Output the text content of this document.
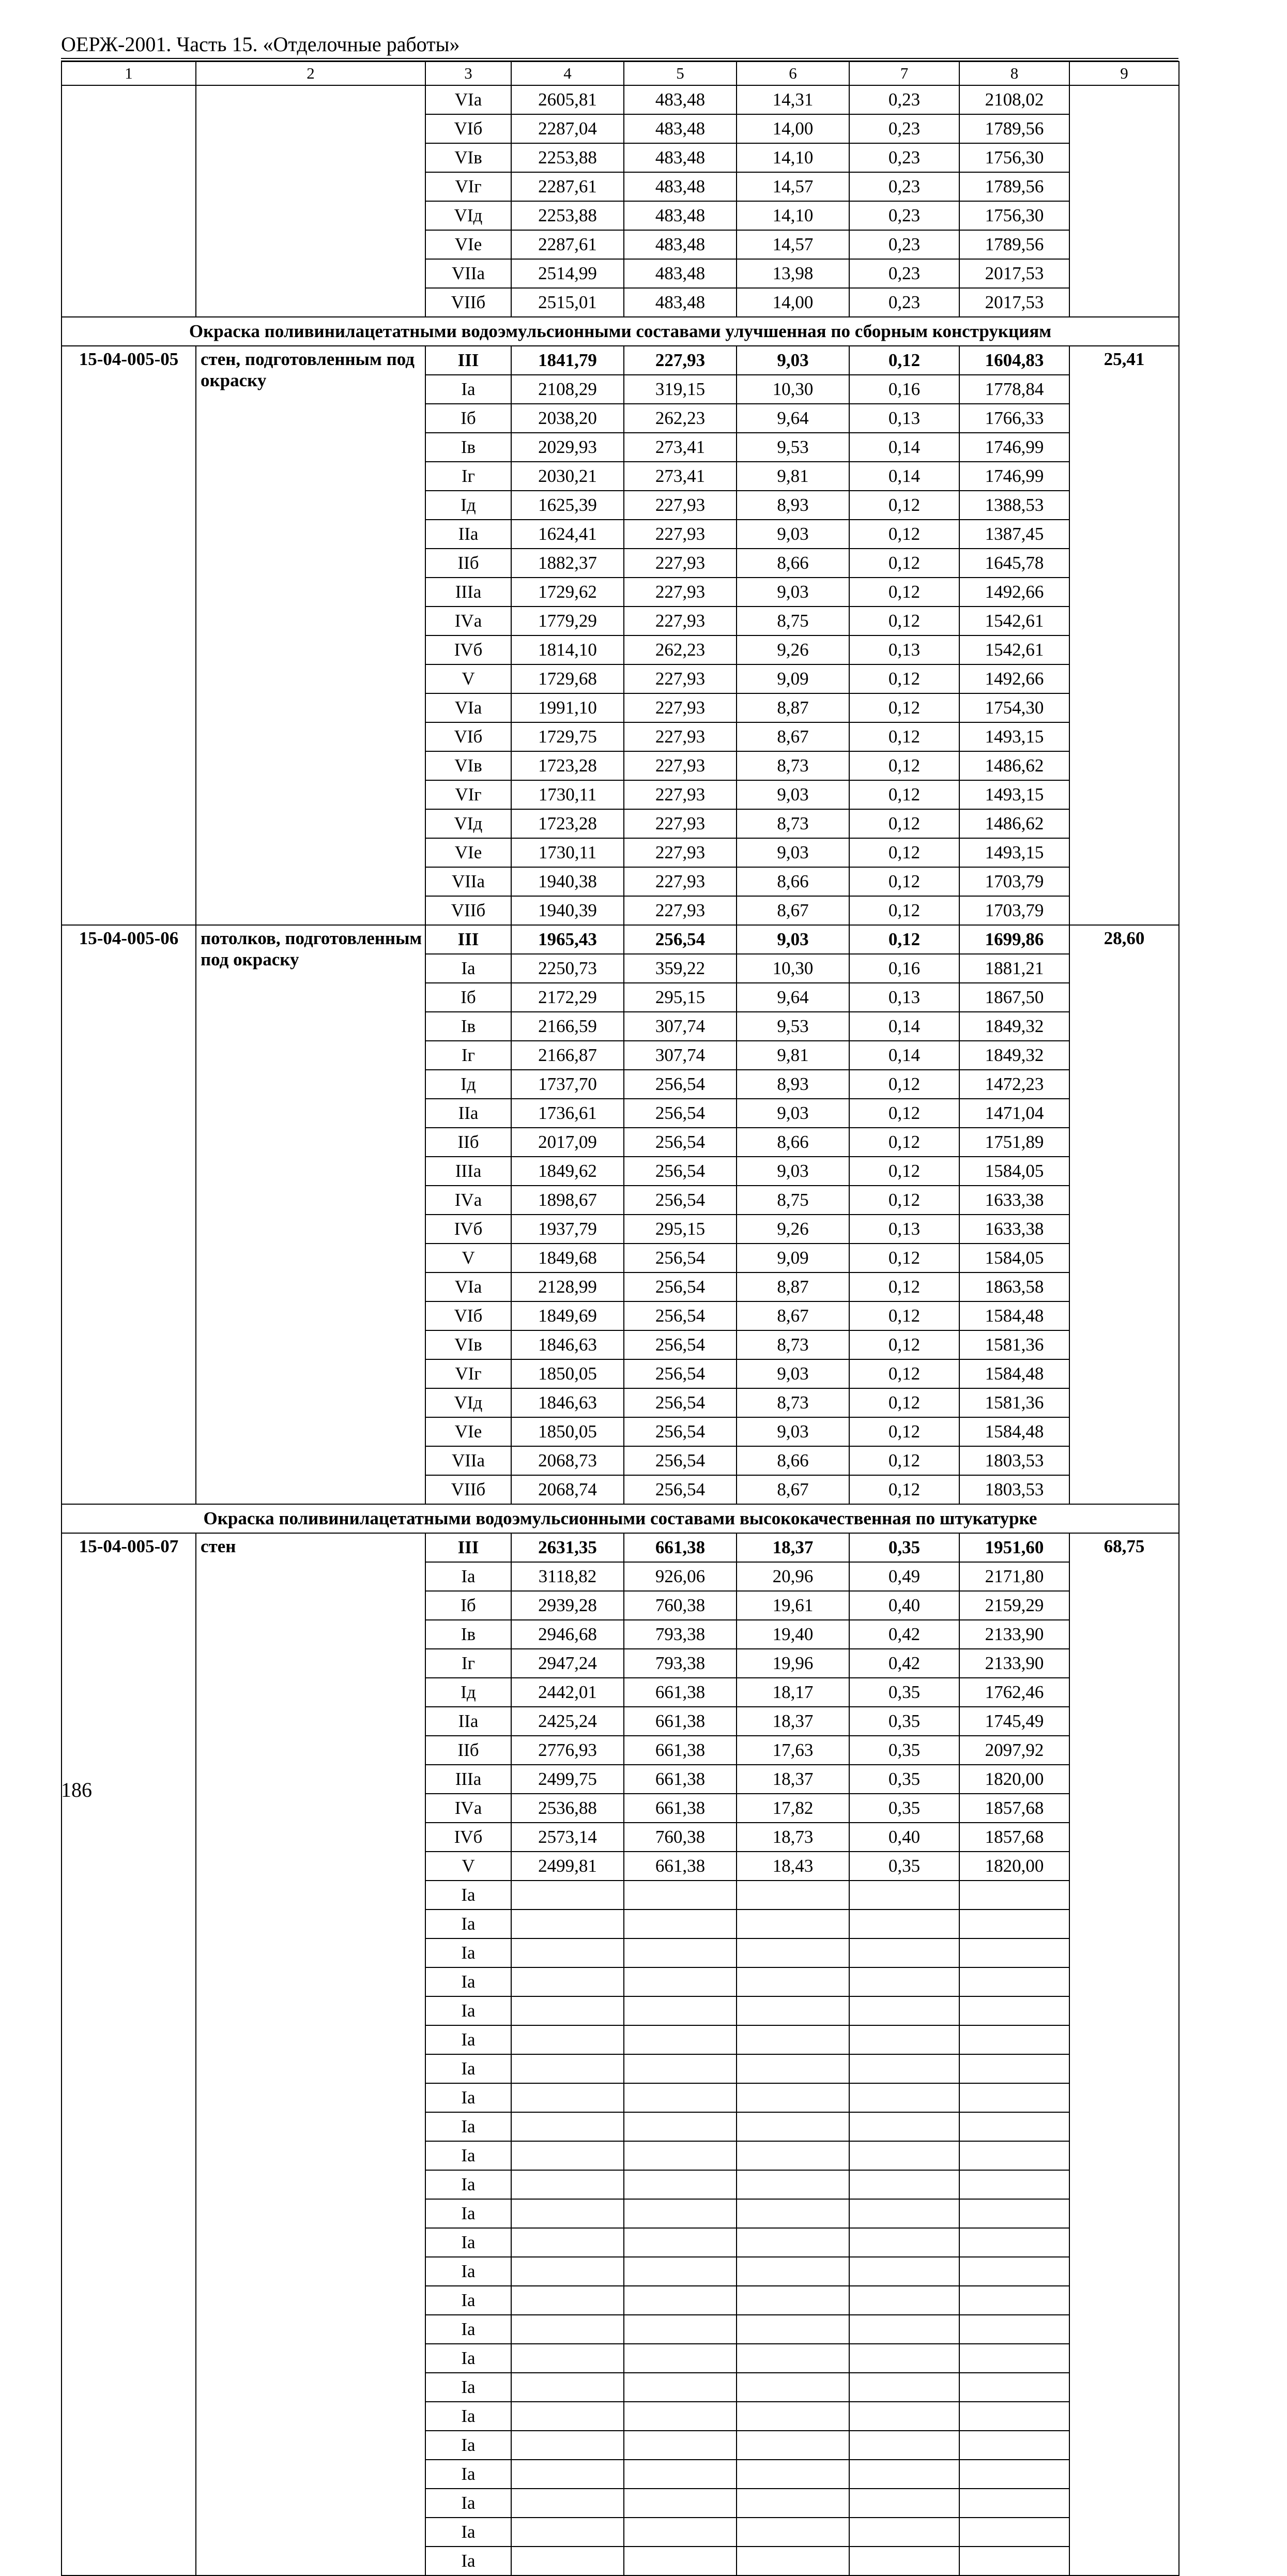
ОЕРЖ-2001. Часть 15. «Отделочные работы»
1	2	3	4	5	6	7	8	9
		VIа	2605,81	483,48	14,31	0,23	2108,02	
		VIб	2287,04	483,48	14,00	0,23	1789,56	
		VIв	2253,88	483,48	14,10	0,23	1756,30	
		VIг	2287,61	483,48	14,57	0,23	1789,56	
		VIд	2253,88	483,48	14,10	0,23	1756,30	
		VIе	2287,61	483,48	14,57	0,23	1789,56	
		VIIа	2514,99	483,48	13,98	0,23	2017,53	
		VIIб	2515,01	483,48	14,00	0,23	2017,53	
Окраска поливинилацетатными водоэмульсионными составами улучшенная по сборным конструкциям								
15-04-005-05	стен, подготовленным под окраску	III	1841,79	227,93	9,03	0,12	1604,83	25,41
		Iа	2108,29	319,15	10,30	0,16	1778,84	
		Iб	2038,20	262,23	9,64	0,13	1766,33	
		Iв	2029,93	273,41	9,53	0,14	1746,99	
		Iг	2030,21	273,41	9,81	0,14	1746,99	
		Iд	1625,39	227,93	8,93	0,12	1388,53	
		IIа	1624,41	227,93	9,03	0,12	1387,45	
		IIб	1882,37	227,93	8,66	0,12	1645,78	
		IIIа	1729,62	227,93	9,03	0,12	1492,66	
		IVа	1779,29	227,93	8,75	0,12	1542,61	
		IVб	1814,10	262,23	9,26	0,13	1542,61	
		V	1729,68	227,93	9,09	0,12	1492,66	
		VIа	1991,10	227,93	8,87	0,12	1754,30	
		VIб	1729,75	227,93	8,67	0,12	1493,15	
		VIв	1723,28	227,93	8,73	0,12	1486,62	
		VIг	1730,11	227,93	9,03	0,12	1493,15	
		VIд	1723,28	227,93	8,73	0,12	1486,62	
		VIе	1730,11	227,93	9,03	0,12	1493,15	
		VIIа	1940,38	227,93	8,66	0,12	1703,79	
		VIIб	1940,39	227,93	8,67	0,12	1703,79	
15-04-005-06	потолков, подготовленным под окраску	III	1965,43	256,54	9,03	0,12	1699,86	28,60
		Iа	2250,73	359,22	10,30	0,16	1881,21	
		Iб	2172,29	295,15	9,64	0,13	1867,50	
		Iв	2166,59	307,74	9,53	0,14	1849,32	
		Iг	2166,87	307,74	9,81	0,14	1849,32	
		Iд	1737,70	256,54	8,93	0,12	1472,23	
		IIа	1736,61	256,54	9,03	0,12	1471,04	
		IIб	2017,09	256,54	8,66	0,12	1751,89	
		IIIа	1849,62	256,54	9,03	0,12	1584,05	
		IVа	1898,67	256,54	8,75	0,12	1633,38	
		IVб	1937,79	295,15	9,26	0,13	1633,38	
		V	1849,68	256,54	9,09	0,12	1584,05	
		VIа	2128,99	256,54	8,87	0,12	1863,58	
		VIб	1849,69	256,54	8,67	0,12	1584,48	
		VIв	1846,63	256,54	8,73	0,12	1581,36	
		VIг	1850,05	256,54	9,03	0,12	1584,48	
		VIд	1846,63	256,54	8,73	0,12	1581,36	
		VIе	1850,05	256,54	9,03	0,12	1584,48	
		VIIа	2068,73	256,54	8,66	0,12	1803,53	
		VIIб	2068,74	256,54	8,67	0,12	1803,53	
Окраска поливинилацетатными водоэмульсионными составами высококачественная по штукатурке								
15-04-005-07	стен	III	2631,35	661,38	18,37	0,35	1951,60	68,75
		Iа	3118,82	926,06	20,96	0,49	2171,80	
		Iб	2939,28	760,38	19,61	0,40	2159,29	
		Iв	2946,68	793,38	19,40	0,42	2133,90	
		Iг	2947,24	793,38	19,96	0,42	2133,90	
		Iд	2442,01	661,38	18,17	0,35	1762,46	
		IIа	2425,24	661,38	18,37	0,35	1745,49	
		IIб	2776,93	661,38	17,63	0,35	2097,92	
		IIIа	2499,75	661,38	18,37	0,35	1820,00	
		IVа	2536,88	661,38	17,82	0,35	1857,68	
		IVб	2573,14	760,38	18,73	0,40	1857,68	
		V	2499,81	661,38	18,43	0,35	1820,00	
		Iа						
		Iа						
		Iа						
		Iа						
		Iа						
		Iа						
		Iа						
		Iа						
		Iа						
		Iа						
		Iа						
		Iа						
		Iа						
		Iа						
		Iа						
		Iа						
		Iа						
		Iа						
		Iа						
		Iа						
		Iа						
		Iа						
		Iа						
		Iа						
186
